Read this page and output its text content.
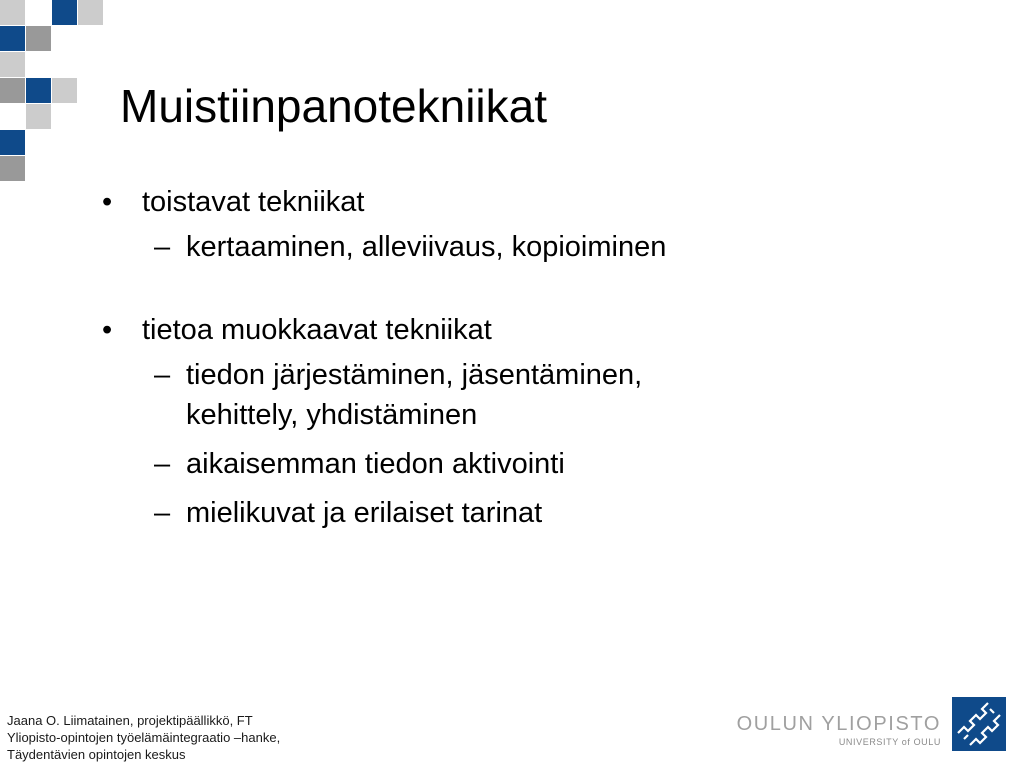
Muistiinpanotekniikat
• toistavat tekniikat
– kertaaminen, alleviivaus, kopioiminen
• tietoa muokkaavat tekniikat
– tiedon järjestäminen, jäsentäminen, kehittely, yhdistäminen
– aikaisemman tiedon aktivointi
– mielikuvat ja erilaiset tarinat
Jaana O. Liimatainen, projektipäällikkö, FT
Yliopisto-opintojen työelämäintegraatio –hanke,
Täydentävien opintojen keskus
OULUN YLIOPISTO
UNIVERSITY of OULU
